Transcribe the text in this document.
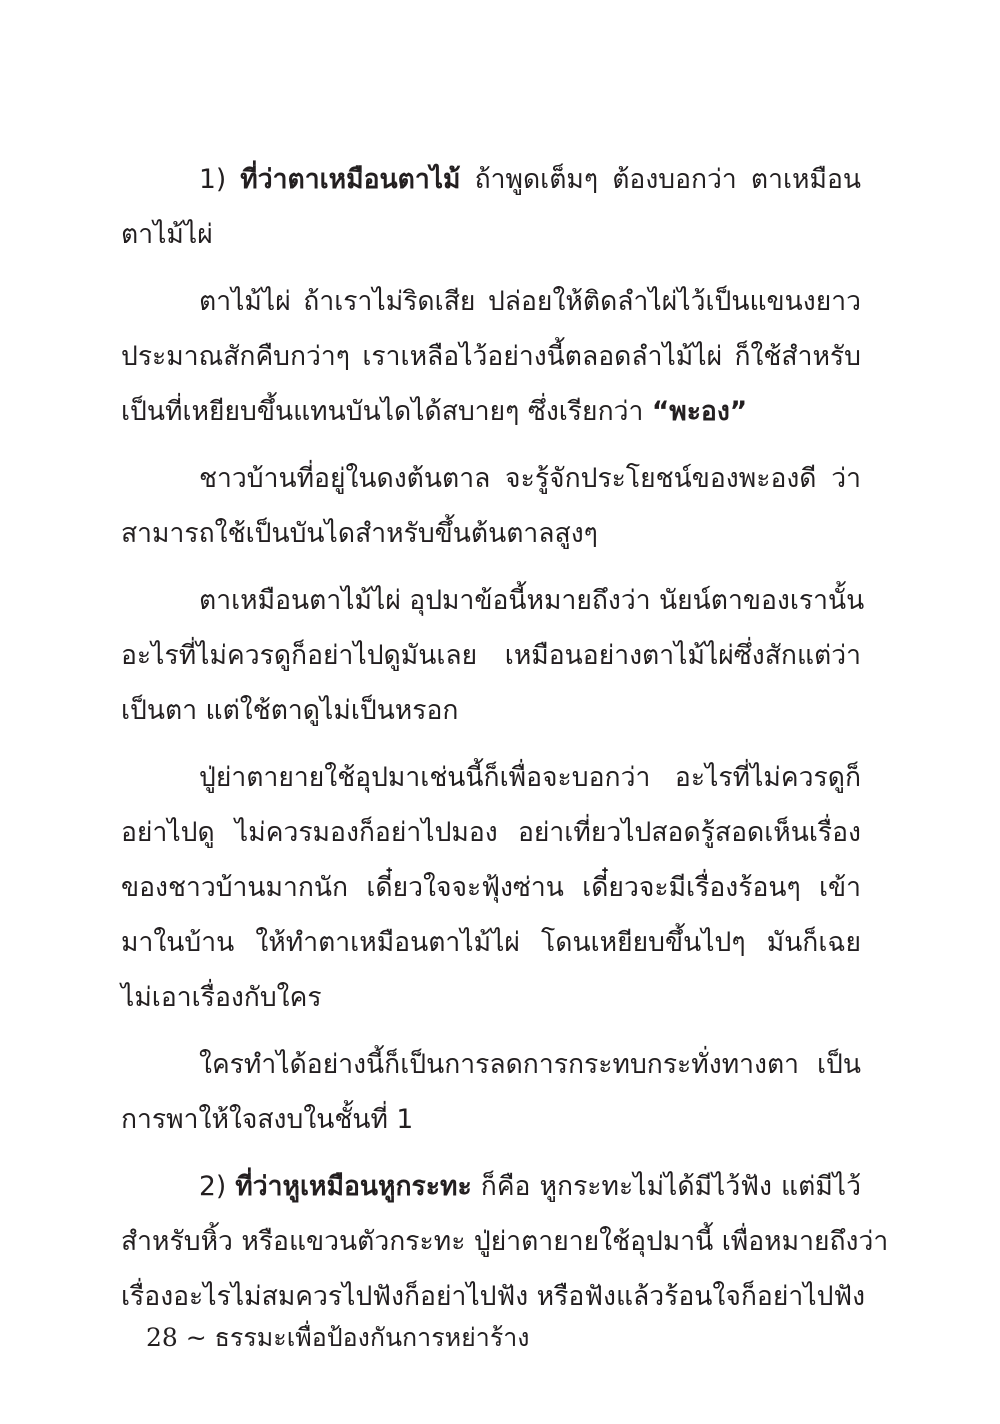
1) ที่ว่าตาเหมือนตาไม้ ถ้าพูดเต็มๆ ต้องบอกว่า ตาเหมือน
ตาไม้ไผ่
ตาไม้ไผ่ ถ้าเราไม่ริดเสีย ปล่อยให้ติดลำไผ่ไว้เป็นแขนงยาว
ประมาณสักคืบกว่าๆ เราเหลือไว้อย่างนี้ตลอดลำไม้ไผ่ ก็ใช้สำหรับ
เป็นที่เหยียบขึ้นแทนบันไดได้สบายๆ ซึ่งเรียกว่า “พะอง”
ชาวบ้านที่อยู่ในดงต้นตาล จะรู้จักประโยชน์ของพะองดี ว่า
สามารถใช้เป็นบันไดสำหรับขึ้นต้นตาลสูงๆ
ตาเหมือนตาไม้ไผ่ อุปมาข้อนี้หมายถึงว่า นัยน์ตาของเรานั้น
อะไรที่ไม่ควรดูก็อย่าไปดูมันเลย เหมือนอย่างตาไม้ไผ่ซึ่งสักแต่ว่า
เป็นตา แต่ใช้ตาดูไม่เป็นหรอก
ปู่ย่าตายายใช้อุปมาเช่นนี้ก็เพื่อจะบอกว่า อะไรที่ไม่ควรดูก็
อย่าไปดู ไม่ควรมองก็อย่าไปมอง อย่าเที่ยวไปสอดรู้สอดเห็นเรื่อง
ของชาวบ้านมากนัก เดี๋ยวใจจะฟุ้งซ่าน เดี๋ยวจะมีเรื่องร้อนๆ เข้า
มาในบ้าน ให้ทำตาเหมือนตาไม้ไผ่ โดนเหยียบขึ้นไปๆ มันก็เฉย
ไม่เอาเรื่องกับใคร
ใครทำได้อย่างนี้ก็เป็นการลดการกระทบกระทั่งทางตา เป็น
การพาให้ใจสงบในชั้นที่ 1
2) ที่ว่าหูเหมือนหูกระทะ ก็คือ หูกระทะไม่ได้มีไว้ฟัง แต่มีไว้
สำหรับหิ้ว หรือแขวนตัวกระทะ ปู่ย่าตายายใช้อุปมานี้ เพื่อหมายถึงว่า
เรื่องอะไรไม่สมควรไปฟังก็อย่าไปฟัง หรือฟังแล้วร้อนใจก็อย่าไปฟัง
28 ~ ธรรมะเพื่อป้องกันการหย่าร้าง
